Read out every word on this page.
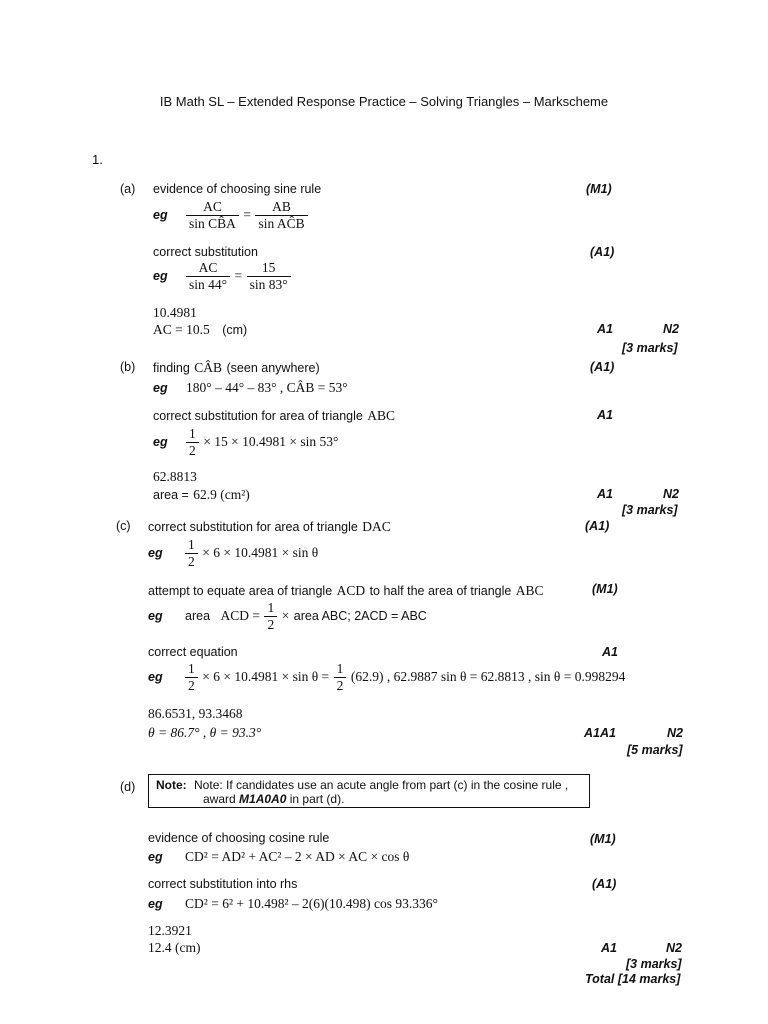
IB Math SL – Extended Response Practice – Solving Triangles – Markscheme
1.
(a) evidence of choosing sine rule	(M1)
eg $\frac{AC}{\text{sin CB̂A}} = \frac{AB}{\text{sin AĈB}}$
correct substitution	(A1)
eg $\frac{AC}{\sin 44^\circ} = \frac{15}{\sin 83^\circ}$
10.4981
AC = 10.5 (cm)	A1	N2
[3 marks]
(b) finding CÂB (seen anywhere)	(A1)
eg 180° – 44° – 83° , CÂB = 53°
correct substitution for area of triangle ABC	A1
eg $\frac{1}{2} \times 15 \times 10.4981 \times \sin 53^\circ$
62.8813
area = 62.9 (cm²)	A1	N2
[3 marks]
(c) correct substitution for area of triangle DAC	(A1)
eg $\frac{1}{2} \times 6 \times 10.4981 \times \sin \theta$
attempt to equate area of triangle ACD to half the area of triangle ABC	(M1)
eg area ACD = $\frac{1}{2}$ × area ABC; 2ACD = ABC
correct equation	A1
eg $\frac{1}{2} \times 6 \times 10.4981 \times \sin \theta = \frac{1}{2} (62.9)$ , 62.9887 sin θ = 62.8813 , sin θ = 0.998294
86.6531, 93.3468
θ = 86.7° , θ = 93.3°	A1A1	N2
[5 marks]
(d) Note: Note: If candidates use an acute angle from part (c) in the cosine rule ,
award M1A0A0 in part (d).
evidence of choosing cosine rule	(M1)
eg CD² = AD² + AC² – 2 × AD × AC × cos θ
correct substitution into rhs	(A1)
eg CD² = 6² + 10.498² – 2(6)(10.498) cos 93.336°
12.3921
12.4 (cm)	A1	N2
[3 marks]
Total [14 marks]
